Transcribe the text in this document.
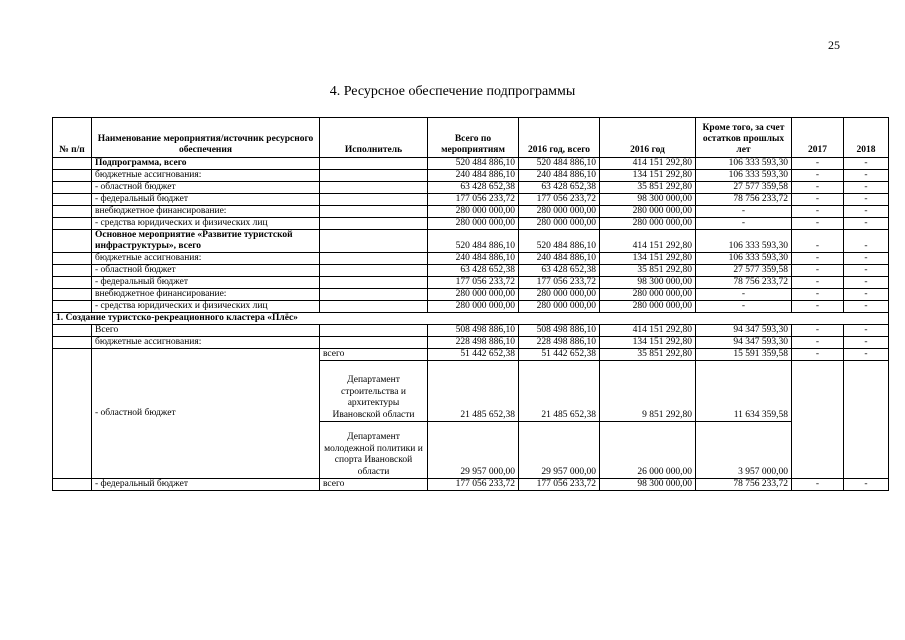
25
4. Ресурсное обеспечение подпрограммы
№ п/п	Наименование мероприятия/источник ресурсного обеспечения	Исполнитель	Всего по мероприятиям	2016 год, всего	2016 год	Кроме того, за счет остатков прошлых лет	2017	2018
	Подпрограмма, всего		520 484 886,10	520 484 886,10	414 151 292,80	106 333 593,30	-	-
	бюджетные ассигнования:		240 484 886,10	240 484 886,10	134 151 292,80	106 333 593,30	-	-
	- областной бюджет		63 428 652,38	63 428 652,38	35 851 292,80	27 577 359,58	-	-
	- федеральный бюджет		177 056 233,72	177 056 233,72	98 300 000,00	78 756 233,72	-	-
	внебюджетное финансирование:		280 000 000,00	280 000 000,00	280 000 000,00	-	-	-
	- средства юридических и физических лиц		280 000 000,00	280 000 000,00	280 000 000,00	-	-	-
	Основное мероприятие «Развитие туристской инфраструктуры», всего		520 484 886,10	520 484 886,10	414 151 292,80	106 333 593,30	-	-
	бюджетные ассигнования:		240 484 886,10	240 484 886,10	134 151 292,80	106 333 593,30	-	-
	- областной бюджет		63 428 652,38	63 428 652,38	35 851 292,80	27 577 359,58	-	-
	- федеральный бюджет		177 056 233,72	177 056 233,72	98 300 000,00	78 756 233,72	-	-
	внебюджетное финансирование:		280 000 000,00	280 000 000,00	280 000 000,00	-	-	-
	- средства юридических и физических лиц		280 000 000,00	280 000 000,00	280 000 000,00	-	-	-
1. Создание туристско-рекреационного кластера «Плёс»								
	Всего		508 498 886,10	508 498 886,10	414 151 292,80	94 347 593,30	-	-
	бюджетные ассигнования:		228 498 886,10	228 498 886,10	134 151 292,80	94 347 593,30	-	-
	- областной бюджет	всего	51 442 652,38	51 442 652,38	35 851 292,80	15 591 359,58	-	-
		Департамент строительства и архитектуры Ивановской области	21 485 652,38	21 485 652,38	9 851 292,80	11 634 359,58		
		Департамент молодежной политики и спорта Ивановской области	29 957 000,00	29 957 000,00	26 000 000,00	3 957 000,00		
	- федеральный бюджет	всего	177 056 233,72	177 056 233,72	98 300 000,00	78 756 233,72	-	-
